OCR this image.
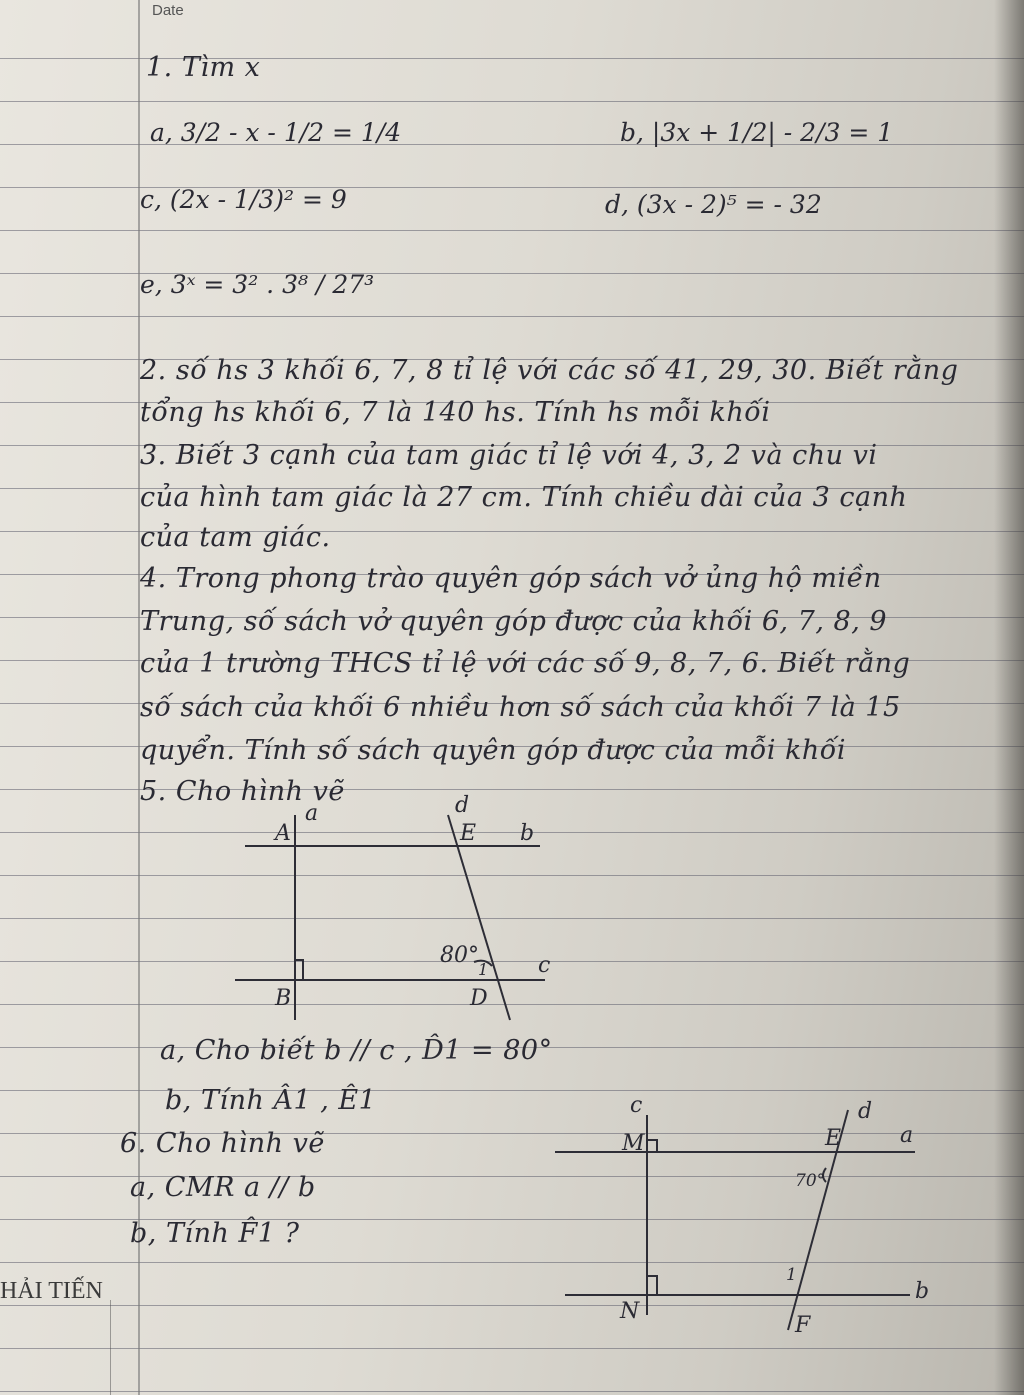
Date
1. Tìm x
a, 3/2 - x - 1/2 = 1/4	b, |3x + 1/2| - 2/3 = 1
c, (2x - 1/3)² = 9	d, (3x - 2)⁵ = - 32
e, 3ˣ = 3² . 3⁸ / 27³
2. số hs 3 khối 6, 7, 8 tỉ lệ với các số 41, 29, 30. Biết rằng
tổng hs khối 6, 7 là 140 hs. Tính hs mỗi khối
3. Biết 3 cạnh của tam giác tỉ lệ với 4, 3, 2 và chu vi
của hình tam giác là 27 cm. Tính chiều dài của 3 cạnh
của tam giác.
4. Trong phong trào quyên góp sách vở ủng hộ miền
Trung, số sách vở quyên góp được của khối 6, 7, 8, 9
của 1 trường THCS tỉ lệ với các số 9, 8, 7, 6. Biết rằng
số sách của khối 6 nhiều hơn số sách của khối 7 là 15
quyển. Tính số sách quyên góp được của mỗi khối
5. Cho hình vẽ
a, Cho biết b // c , D̂1 = 80°
b, Tính Â1 , Ê1
6. Cho hình vẽ
a, CMR a // b
b, Tính F̂1 ?
HẢI TIẾN
a	d
A	E b
80°
1 c
B	D
c	d
M	E	a
70°
1
b
N
F
